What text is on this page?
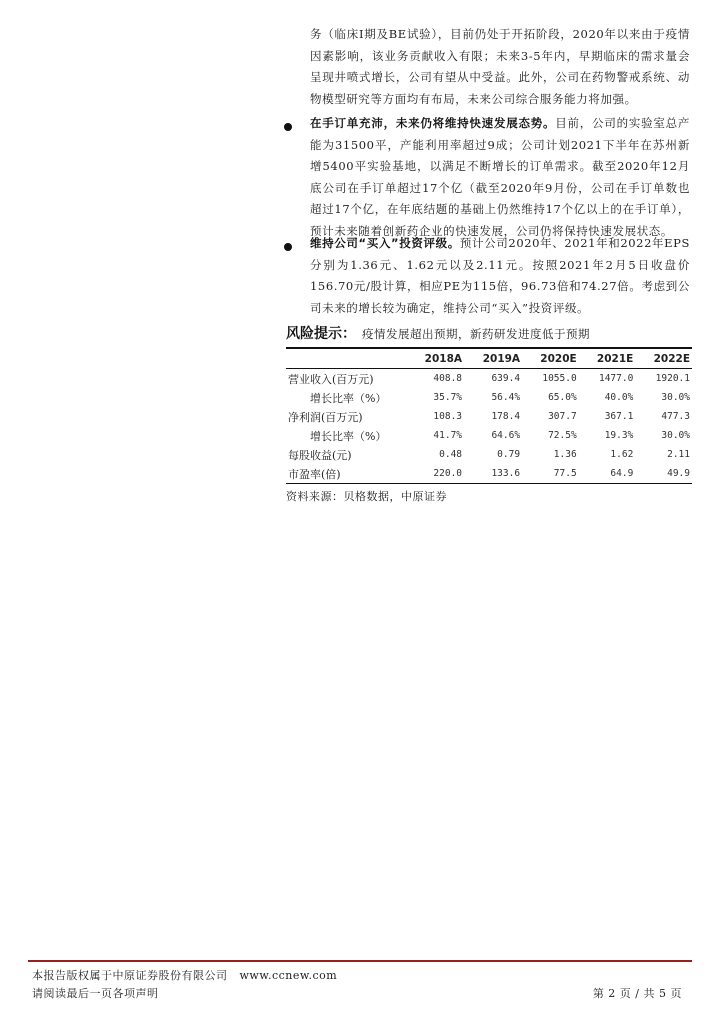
务（临床Ⅰ期及BE试验），目前仍处于开拓阶段，2020年以来由于疫情因素影响，该业务贡献收入有限；未来3-5年内，早期临床的需求量会呈现井喷式增长，公司有望从中受益。此外，公司在药物警戒系统、动物模型研究等方面均有布局，未来公司综合服务能力将加强。

在手订单充沛，未来仍将维持快速发展态势。目前，公司的实验室总产能为31500平，产能利用率超过9成；公司计划2021下半年在苏州新增5400平实验基地，以满足不断增长的订单需求。截至2020年12月底公司在手订单超过17个亿（截至2020年9月份，公司在手订单数也超过17个亿，在年底结题的基础上仍然维持17个亿以上的在手订单），预计未来随着创新药企业的快速发展，公司仍将保持快速发展状态。

维持公司“买入”投资评级。预计公司2020年、2021年和2022年EPS分别为1.36元、1.62元以及2.11元。按照2021年2月5日收盘价156.70元/股计算，相应PE为115倍，96.73倍和74.27倍。考虑到公司未来的增长较为确定，维持公司“买入”投资评级。

风险提示： 疫情发展超出预期，新药研发进度低于预期
	2018A	2019A	2020E	2021E	2022E
营业收入(百万元)	408.8	639.4	1055.0	1477.0	1920.1
增长比率（%）	35.7%	56.4%	65.0%	40.0%	30.0%
净利润(百万元)	108.3	178.4	307.7	367.1	477.3
增长比率（%）	41.7%	64.6%	72.5%	19.3%	30.0%
每股收益(元)	0.48	0.79	1.36	1.62	2.11
市盈率(倍)	220.0	133.6	77.5	64.9	49.9
资料来源：贝格数据，中原证券
本报告版权属于中原证券股份有限公司 www.ccnew.com
请阅读最后一页各项声明	第 2 页 / 共 5 页
